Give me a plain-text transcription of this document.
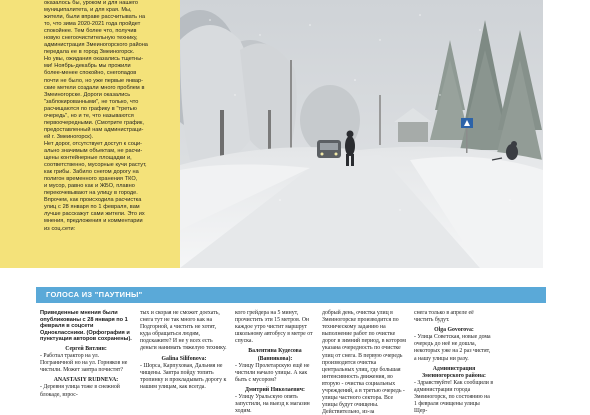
оказалось бы, уроком и для нашего

муниципалитета, и для края. Мы,

жители, были вправе рассчитывать на

то, что зима 2020-2021 года пройдет

спокойнее. Тем более что, получив

новую снегоочистительную технику,

администрация Змеиногорского района

передала ее в город Змеиногорск.

Но увы, ожидания оказались тщетны-

ми! Ноябрь-декабрь мы прожили

более-менее спокойно, снегопадов

почти не было, но уже первые январ-

ские метели создали много проблем в

Змеиногорске. Дороги оказались

"заблокированными", не только, что

расчищаются по графику в "третью

очередь", но и те, что называются

первоочередными. (Смотрите график,

предоставленный нам администраци-

ей г. Змеиногорск).

Нет дорог, отсутствует доступ к соци-

ально значимым объектам, не расчи-

щены контейнерные площадки и,

соответственно, мусорные кучи растут,

как грибы. Забило снегом дорогу на

полигон временного хранения ТКО,

и мусор, равно как и ЖБО, плавно

перекочевывают на улицу в городе.

Впрочем, как происходила расчистка

улиц с 28 января по 1 февраля, вам

лучше расскажут сами жители. Это их

мнения, предложения и комментарии

из соц.сети:

ГОЛОСА ИЗ "ПАУТИНЫ"

Приведенные мнения были опубликованы с 28 января по 1 февраля в соцсети Одноклассники. (Орфография и пунктуация авторов сохранены).

Сергей Вятлин:

- Работал трактор на ул. Пограничной но на ул. Горняков не чистили. Может завтра почистят?

ANASTASIY RUDNEVA:

- Деревня улица тоже в снежной блокаде, взрос-

тых и скорая не сможет доехать, снега тут не так много как на Подгорной, а чистить не хотят, куда обращаться людям, подскажите? И не у всех есть деньги нанимать тяжелую технику.

Galina Silifonova:

- Шорса, Карпуховая, Дальняя не чищены. Завтра пойду топить тропинку и прокладывать дорогу к нашим улицам, как всегда.

кого грейдера на 5 минут, прочистить эти 15 метров. Он каждое утро чистит маршрут школьному автобусу в метре от спуска.

Валентина Кудесова (Ванникова):

- Улицу Пролетарскую ещё не чистили начало улицы. А как быть с мусором?

Дмитрий Николаевич:

- Улицу Уральскую опять запустили, на выезд к магазин ходим.

добрый день, очистка улиц в Змеиногорске производится по техническому заданию на выполнение работ по очистке дорог в зимний период, в котором указана очередность по очистке улиц от снега. В первую очередь производится очистка центральных улиц, где большая интенсивность движения, во вторую - очистка социальных учреждений, а в третью очередь - улицы частного сектора. Все улицы будут очищены. Действительно, из-за

снега только в апреле её чистить будут.

Olga Govorova:

- Улица Советская, новые дома очередь до неё не дошла, некоторых уже на 2 раз чистят, а нашу улицы ни разу.

Администрация Змеиногорского района:

- Здравствуйте! Как сообщили в администрации города Змеиногорск, по состоянию на 1 февраля очищены улицы Щер-
